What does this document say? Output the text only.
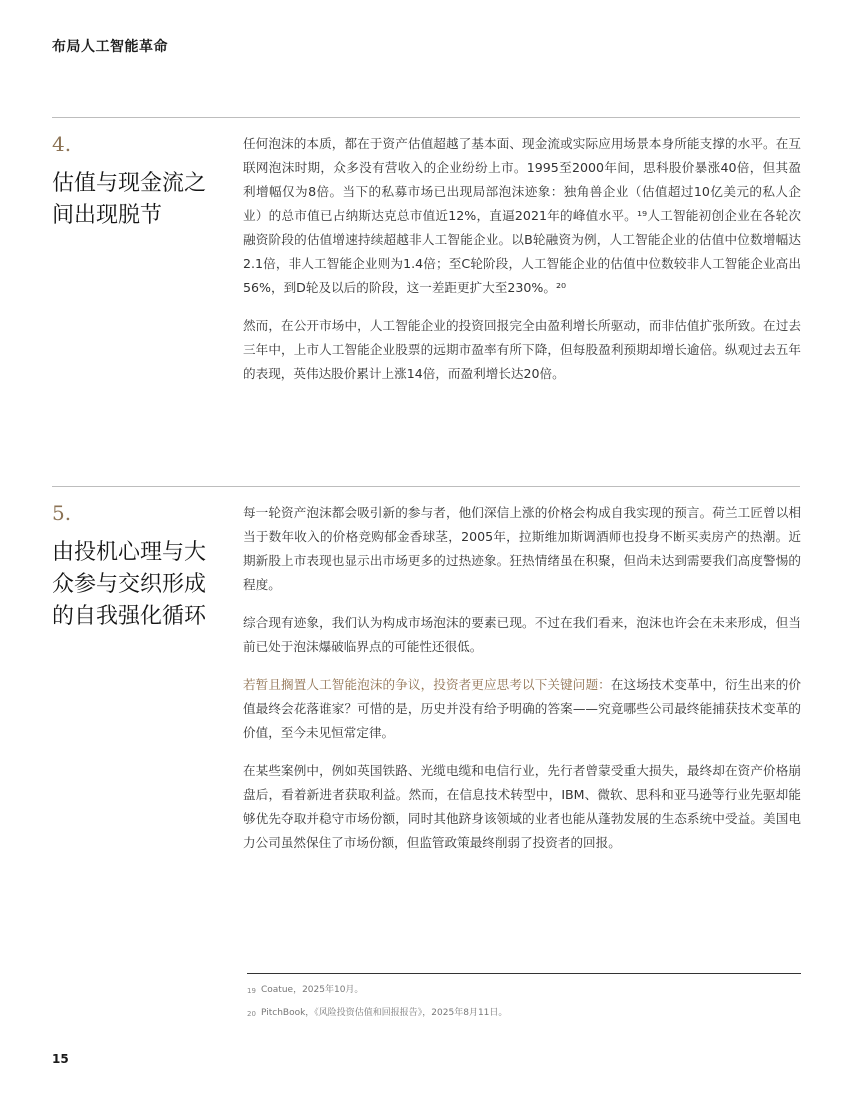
布局人工智能革命
4.
估值与现金流之间出现脱节

任何泡沫的本质，都在于资产估值超越了基本面、现金流或实际应用场景本身所能支撑的水平。在互联网泡沫时期，众多没有营收入的企业纷纷上市。1995至2000年间，思科股价暴涨40倍，但其盈利增幅仅为8倍。当下的私募市场已出现局部泡沫迹象：独角兽企业（估值超过10亿美元的私人企业）的总市值已占纳斯达克总市值近12%，直逼2021年的峰值水平。¹⁹人工智能初创企业在各轮次融资阶段的估值增速持续超越非人工智能企业。以B轮融资为例，人工智能企业的估值中位数增幅达2.1倍，非人工智能企业则为1.4倍；至C轮阶段，人工智能企业的估值中位数较非人工智能企业高出56%，到D轮及以后的阶段，这一差距更扩大至230%。²⁰

然而，在公开市场中，人工智能企业的投资回报完全由盈利增长所驱动，而非估值扩张所致。在过去三年中，上市人工智能企业股票的远期市盈率有所下降，但每股盈利预期却增长逾倍。纵观过去五年的表现，英伟达股价累计上涨14倍，而盈利增长达20倍。

5.
由投机心理与大众参与交织形成的自我强化循环

每一轮资产泡沫都会吸引新的参与者，他们深信上涨的价格会构成自我实现的预言。荷兰工匠曾以相当于数年收入的价格竞购郁金香球茎，2005年，拉斯维加斯调酒师也投身不断买卖房产的热潮。近期新股上市表现也显示出市场更多的过热迹象。狂热情绪虽在积聚，但尚未达到需要我们高度警惕的程度。

综合现有迹象，我们认为构成市场泡沫的要素已现。不过在我们看来，泡沫也许会在未来形成，但当前已处于泡沫爆破临界点的可能性还很低。

若暂且搁置人工智能泡沫的争议，投资者更应思考以下关键问题：在这场技术变革中，衍生出来的价值最终会花落谁家？可惜的是，历史并没有给予明确的答案——究竟哪些公司最终能捕获技术变革的价值，至今未见恒常定律。

在某些案例中，例如英国铁路、光缆电缆和电信行业，先行者曾蒙受重大损失，最终却在资产价格崩盘后，看着新进者获取利益。然而，在信息技术转型中，IBM、微软、思科和亚马逊等行业先驱却能够优先夺取并稳守市场份额，同时其他跻身该领域的业者也能从蓬勃发展的生态系统中受益。美国电力公司虽然保住了市场份额，但监管政策最终削弱了投资者的回报。

19 Coatue，2025年10月。

20 PitchBook，《风险投资估值和回报报告》，2025年8月11日。

15
